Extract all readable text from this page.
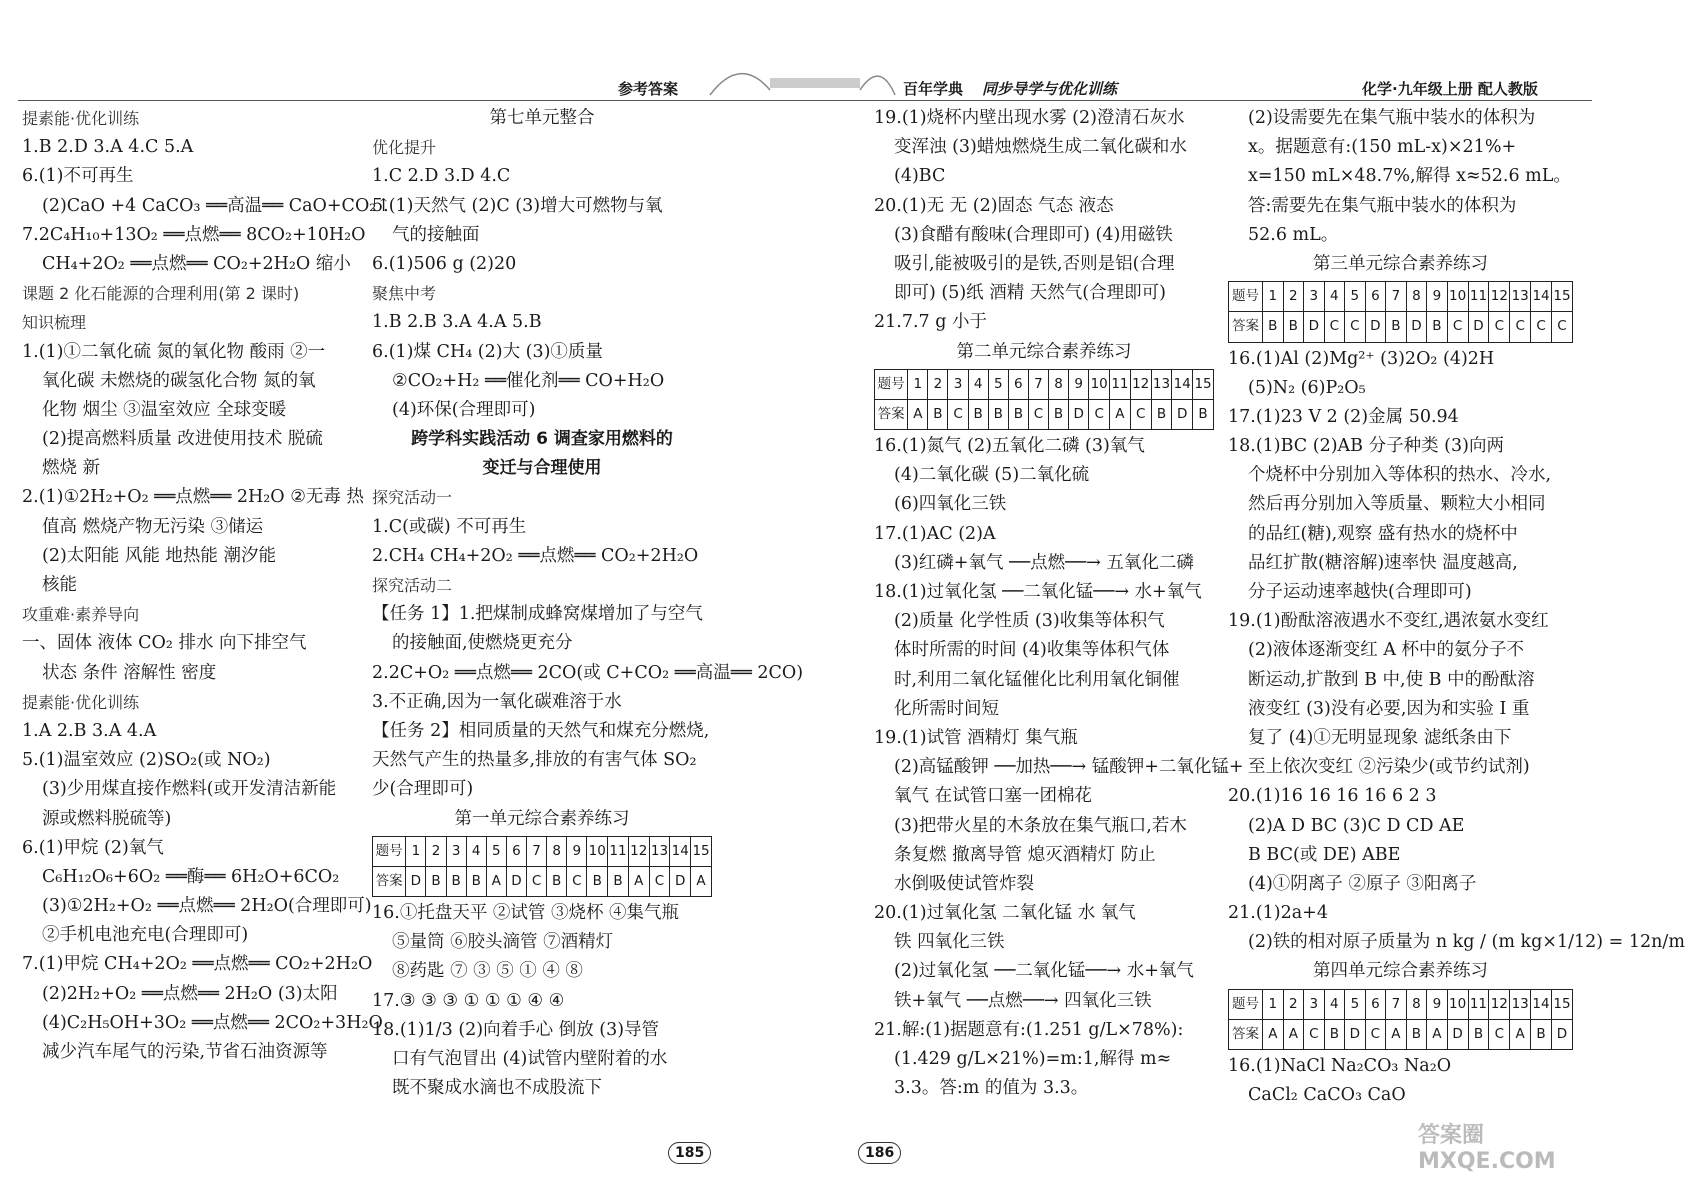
参考答案	百年学典 同步导学与优化训练	化学·九年级上册 配人教版
提素能·优化训练
1.B 2.D 3.A 4.C 5.A
6.(1)不可再生
(2)CaO +4 CaCO₃ ══高温══ CaO+CO₂↑
7.2C₄H₁₀+13O₂ ══点燃══ 8CO₂+10H₂O
CH₄+2O₂ ══点燃══ CO₂+2H₂O 缩小
课题 2 化石能源的合理利用(第 2 课时)
知识梳理
1.(1)①二氧化硫 氮的氧化物 酸雨 ②一
氧化碳 未燃烧的碳氢化合物 氮的氧
化物 烟尘 ③温室效应 全球变暖
(2)提高燃料质量 改进使用技术 脱硫
燃烧 新
2.(1)①2H₂+O₂ ══点燃══ 2H₂O ②无毒 热
值高 燃烧产物无污染 ③储运
(2)太阳能 风能 地热能 潮汐能
核能
攻重难·素养导向
一、固体 液体 CO₂ 排水 向下排空气
状态 条件 溶解性 密度
提素能·优化训练
1.A 2.B 3.A 4.A
5.(1)温室效应 (2)SO₂(或 NO₂)
(3)少用煤直接作燃料(或开发清洁新能
源或燃料脱硫等)
6.(1)甲烷 (2)氧气
C₆H₁₂O₆+6O₂ ══酶══ 6H₂O+6CO₂
(3)①2H₂+O₂ ══点燃══ 2H₂O(合理即可)
②手机电池充电(合理即可)
7.(1)甲烷 CH₄+2O₂ ══点燃══ CO₂+2H₂O
(2)2H₂+O₂ ══点燃══ 2H₂O (3)太阳
(4)C₂H₅OH+3O₂ ══点燃══ 2CO₂+3H₂O
减少汽车尾气的污染,节省石油资源等
第七单元整合
优化提升
1.C 2.D 3.D 4.C
5.(1)天然气 (2)C (3)增大可燃物与氧
气的接触面
6.(1)506 g (2)20
聚焦中考
1.B 2.B 3.A 4.A 5.B
6.(1)煤 CH₄ (2)大 (3)①质量
②CO₂+H₂ ══催化剂══ CO+H₂O
(4)环保(合理即可)
跨学科实践活动 6 调查家用燃料的
变迁与合理使用
探究活动一
1.C(或碳) 不可再生
2.CH₄ CH₄+2O₂ ══点燃══ CO₂+2H₂O
探究活动二
【任务 1】1.把煤制成蜂窝煤增加了与空气
的接触面,使燃烧更充分
2.2C+O₂ ══点燃══ 2CO(或 C+CO₂ ══高温══ 2CO)
3.不正确,因为一氧化碳难溶于水
【任务 2】相同质量的天然气和煤充分燃烧,
天然气产生的热量多,排放的有害气体 SO₂
少(合理即可)
第一单元综合素养练习
题号	1	2	3	4	5	6	7	8	9	10	11	12	13	14	15
答案	D	B	B	B	A	D	C	B	C	B	B	A	C	D	A
16.①托盘天平 ②试管 ③烧杯 ④集气瓶
⑤量筒 ⑥胶头滴管 ⑦酒精灯
⑧药匙 ⑦ ③ ⑤ ① ④ ⑧
17.③ ③ ③ ① ① ① ④ ④
18.(1)1/3 (2)向着手心 倒放 (3)导管
口有气泡冒出 (4)试管内壁附着的水
既不聚成水滴也不成股流下
19.(1)烧杯内壁出现水雾 (2)澄清石灰水
变浑浊 (3)蜡烛燃烧生成二氧化碳和水
(4)BC
20.(1)无 无 (2)固态 气态 液态
(3)食醋有酸味(合理即可) (4)用磁铁
吸引,能被吸引的是铁,否则是铝(合理
即可) (5)纸 酒精 天然气(合理即可)
21.7.7 g 小于
第二单元综合素养练习
题号	1	2	3	4	5	6	7	8	9	10	11	12	13	14	15
答案	A	B	C	B	B	B	C	B	D	C	A	C	B	D	B
16.(1)氮气 (2)五氧化二磷 (3)氧气
(4)二氧化碳 (5)二氧化硫
(6)四氧化三铁
17.(1)AC (2)A
(3)红磷+氧气 ──点燃──→ 五氧化二磷
18.(1)过氧化氢 ──二氧化锰──→ 水+氧气
(2)质量 化学性质 (3)收集等体积气
体时所需的时间 (4)收集等体积气体
时,利用二氧化锰催化比利用氧化铜催
化所需时间短
19.(1)试管 酒精灯 集气瓶
(2)高锰酸钾 ──加热──→ 锰酸钾+二氧化锰+
氧气 在试管口塞一团棉花
(3)把带火星的木条放在集气瓶口,若木
条复燃 撤离导管 熄灭酒精灯 防止
水倒吸使试管炸裂
20.(1)过氧化氢 二氧化锰 水 氧气
铁 四氧化三铁
(2)过氧化氢 ──二氧化锰──→ 水+氧气
铁+氧气 ──点燃──→ 四氧化三铁
21.解:(1)据题意有:(1.251 g/L×78%):
(1.429 g/L×21%)=m:1,解得 m≈
3.3。答:m 的值为 3.3。
(2)设需要先在集气瓶中装水的体积为
x。据题意有:(150 mL-x)×21%+
x=150 mL×48.7%,解得 x≈52.6 mL。
答:需要先在集气瓶中装水的体积为
52.6 mL。
第三单元综合素养练习
题号	1	2	3	4	5	6	7	8	9	10	11	12	13	14	15
答案	B	B	D	C	C	D	B	D	B	C	D	C	C	C	C
16.(1)Al (2)Mg²⁺ (3)2O₂ (4)2H
(5)N₂ (6)P₂O₅
17.(1)23 V 2 (2)金属 50.94
18.(1)BC (2)AB 分子种类 (3)向两
个烧杯中分别加入等体积的热水、冷水,
然后再分别加入等质量、颗粒大小相同
的品红(糖),观察 盛有热水的烧杯中
品红扩散(糖溶解)速率快 温度越高,
分子运动速率越快(合理即可)
19.(1)酚酞溶液遇水不变红,遇浓氨水变红
(2)液体逐渐变红 A 杯中的氨分子不
断运动,扩散到 B 中,使 B 中的酚酞溶
液变红 (3)没有必要,因为和实验 I 重
复了 (4)①无明显现象 滤纸条由下
至上依次变红 ②污染少(或节约试剂)
20.(1)16 16 16 16 6 2 3
(2)A D BC (3)C D CD AE
B BC(或 DE) ABE
(4)①阴离子 ②原子 ③阳离子
21.(1)2a+4
(2)铁的相对原子质量为 n kg / (m kg×1/12) = 12n/m
第四单元综合素养练习
题号	1	2	3	4	5	6	7	8	9	10	11	12	13	14	15
答案	A	A	C	B	D	C	A	B	A	D	B	C	A	B	D
16.(1)NaCl Na₂CO₃ Na₂O
CaCl₂ CaCO₃ CaO
185	186
答案圈 MXQE.COM
